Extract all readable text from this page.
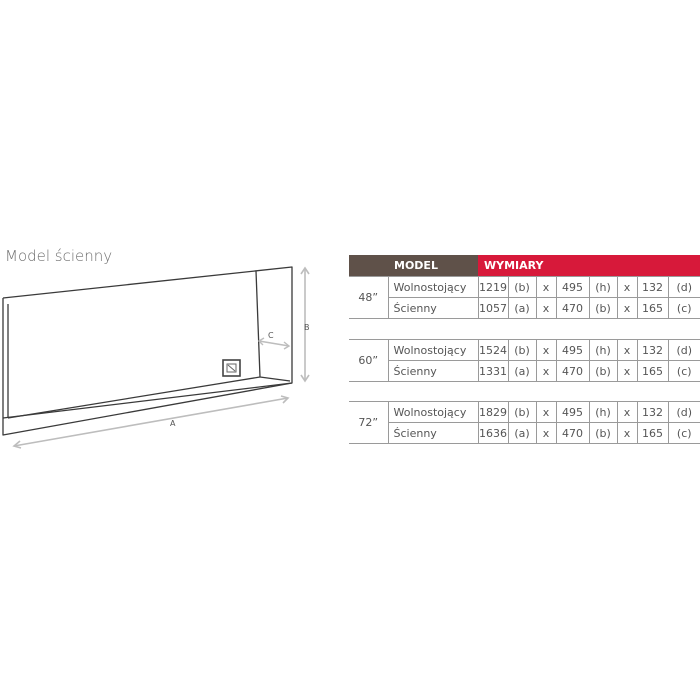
A
B
C
Model ścienny
	MODEL	WYMIARY
48”	Wolnostojący	1219	(b)	x	495	(h)	x	132	(d)
	Ścienny	1057	(a)	x	470	(b)	x	165	(c)
60”	Wolnostojący	1524	(b)	x	495	(h)	x	132	(d)
	Ścienny	1331	(a)	x	470	(b)	x	165	(c)
72”	Wolnostojący	1829	(b)	x	495	(h)	x	132	(d)
	Ścienny	1636	(a)	x	470	(b)	x	165	(c)
